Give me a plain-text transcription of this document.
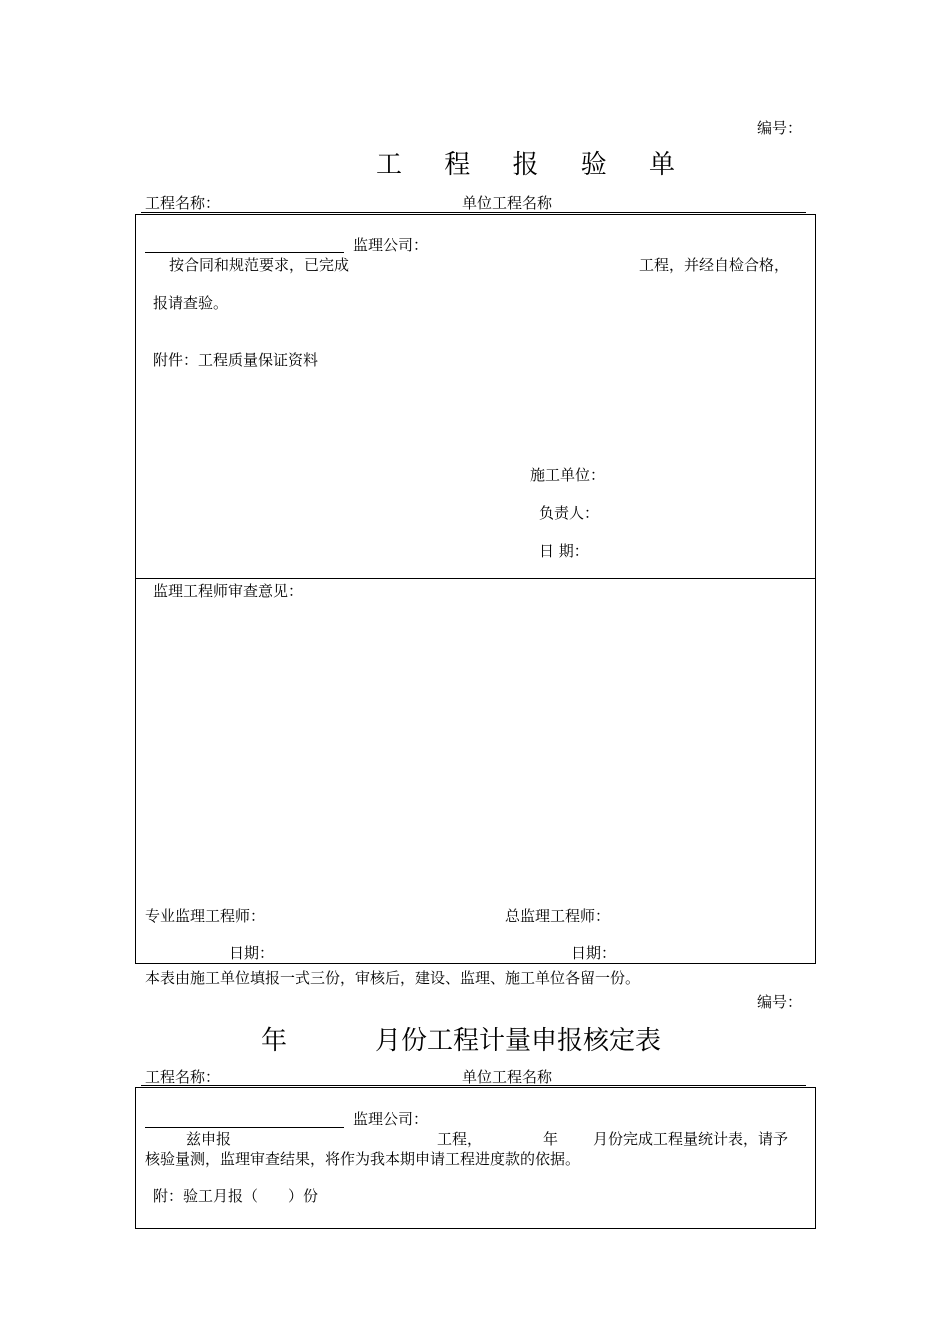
编号：
工 程 报 验 单
工程名称：	单位工程名称
监理公司：
按合同和规范要求，已完成	工程，并经自检合格，
报请查验。
附件：工程质量保证资料
施工单位：
负责人：
日 期：
监理工程师审查意见：
专业监理工程师：	总监理工程师：
日期：	日期：
本表由施工单位填报一式三份，审核后，建设、监理、施工单位各留一份。
编号：
年	月份工程计量申报核定表
工程名称：	单位工程名称
监理公司：
兹申报	工程，	年 月份完成工程量统计表，请予
核验量测，监理审查结果，将作为我本期申请工程进度款的依据。
附：验工月报（　　）份
